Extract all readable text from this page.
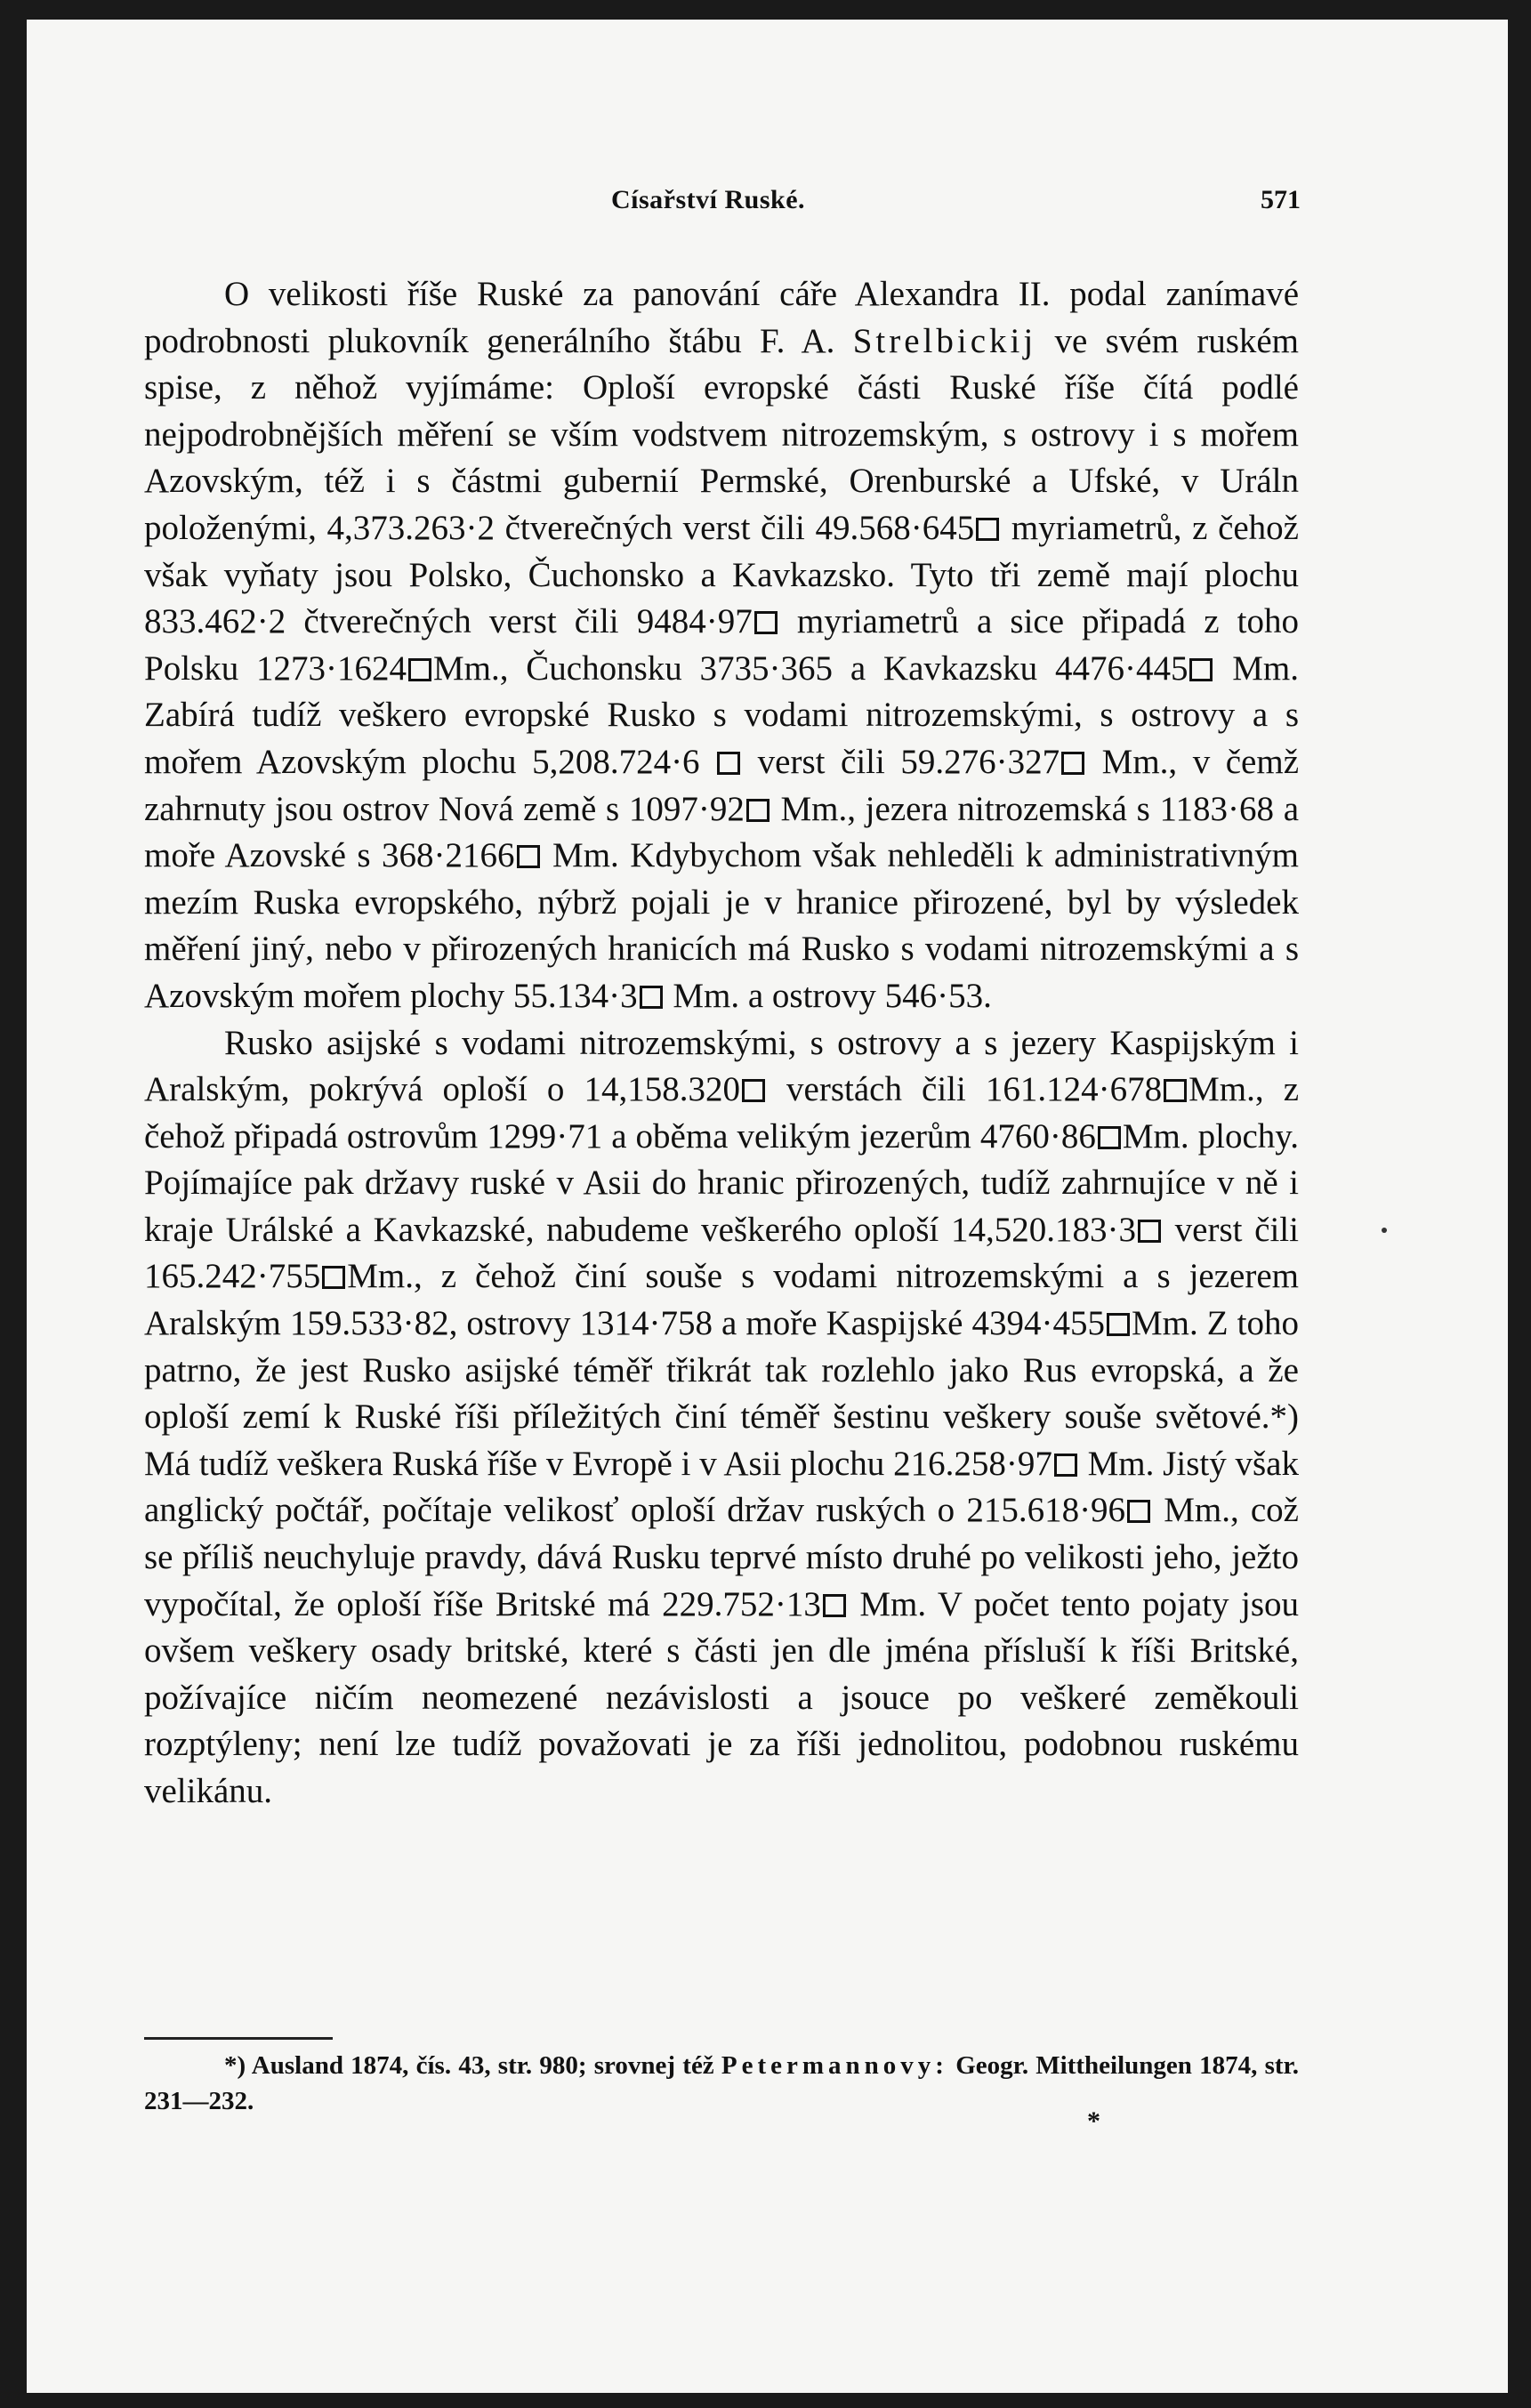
Císařství Ruské.	571

O velikosti říše Ruské za panování cáře Alexandra II. podal zanímavé podrobnosti plukovník generálního štábu F. A. Strelbickij ve svém ruském spise, z něhož vyjímáme: Oploší evropské části Ruské říše čítá podlé nejpodrobnějších měření se vším vodstvem nitrozemským, s ostrovy i s mořem Azovským, též i s částmi gubernií Permské, Orenburské a Ufské, v Uráln položenými, 4,373.263·2 čtverečných verst čili 49.568·645 myriametrů, z čehož však vyňaty jsou Polsko, Čuchonsko a Kavkazsko. Tyto tři země mají plochu 833.462·2 čtverečných verst čili 9484·97 myriametrů a sice připadá z toho Polsku 1273·1624 Mm., Čuchonsku 3735·365 a Kavkazsku 4476·445 Mm. Zabírá tudíž veškero evropské Rusko s vodami nitrozemskými, s ostrovy a s mořem Azovským plochu 5,208.724·6 verst čili 59.276·327 Mm., v čemž zahrnuty jsou ostrov Nová země s 1097·92 Mm., jezera nitrozemská s 1183·68 a moře Azovské s 368·2166 Mm. Kdybychom však nehleděli k administrativným mezím Ruska evropského, nýbrž pojali je v hranice přirozené, byl by výsledek měření jiný, nebo v přirozených hranicích má Rusko s vodami nitrozemskými a s Azovským mořem plochy 55.134·3 Mm. a ostrovy 546·53.

Rusko asijské s vodami nitrozemskými, s ostrovy a s jezery Kaspijským i Aralským, pokrývá oploší o 14,158.320 verstách čili 161.124·678 Mm., z čehož připadá ostrovům 1299·71 a oběma velikým jezerům 4760·86 Mm. plochy. Pojímajíce pak državy ruské v Asii do hranic přirozených, tudíž zahrnujíce v ně i kraje Urálské a Kavkazské, nabudeme veškerého oploší 14,520.183·3 verst čili 165.242·755 Mm., z čehož činí souše s vodami nitrozemskými a s jezerem Aralským 159.533·82, ostrovy 1314·758 a moře Kaspijské 4394·455 Mm. Z toho patrno, že jest Rusko asijské téměř třikrát tak rozlehlo jako Rus evropská, a že oploší zemí k Ruské říši příležitých činí téměř šestinu veškery souše světové.*) Má tudíž veškera Ruská říše v Evropě i v Asii plochu 216.258·97 Mm. Jistý však anglický počtář, počítaje velikosť oploší držav ruských o 215.618·96 Mm., což se příliš neuchyluje pravdy, dává Rusku teprvé místo druhé po velikosti jeho, ježto vypočítal, že oploší říše Britské má 229.752·13 Mm. V počet tento pojaty jsou ovšem veškery osady britské, které s části jen dle jména přísluší k říši Britské, požívajíce ničím neomezené nezávislosti a jsouce po veškeré zeměkouli rozptýleny; není lze tudíž považovati je za říši jednolitou, podobnou ruskému velikánu.

*) Ausland 1874, čís. 43, str. 980; srovnej též Petermannovy: Geogr. Mittheilungen 1874, str. 231—232.

*
